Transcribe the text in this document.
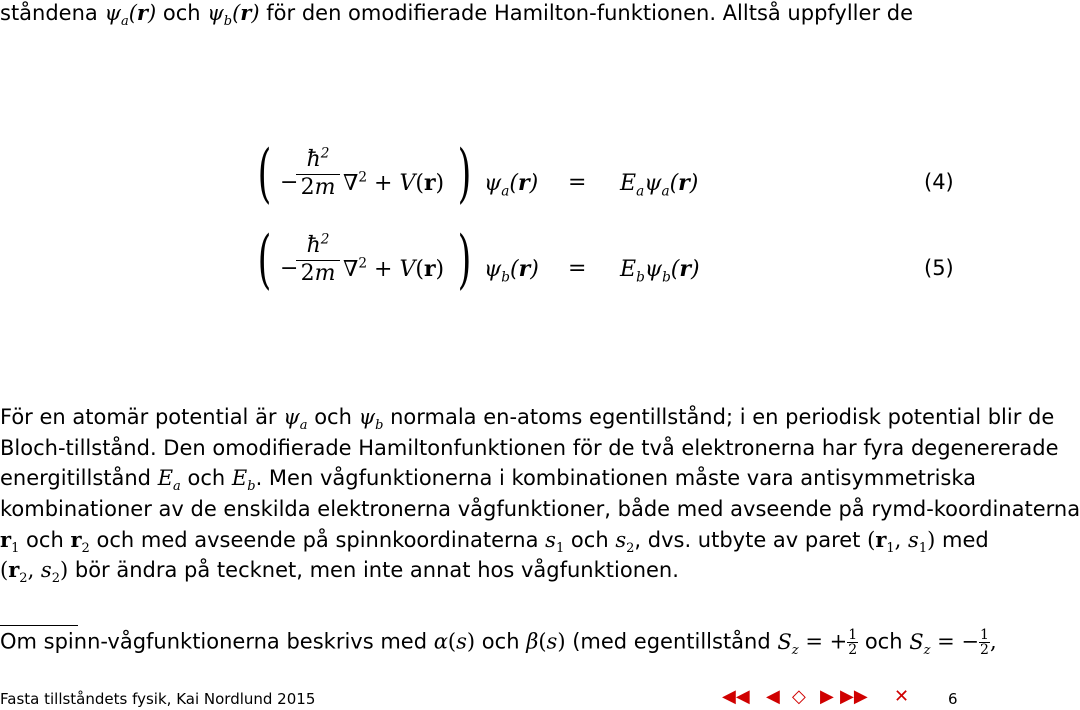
ståndena $\psi_a(r)$ och $\psi_b(r)$ för den omodifierade Hamilton-funktionen. Alltså uppfyller de
( −
$\frac{ħ^2}{2m} \nabla^2 + V(r)$ ) $\psi_a(r) = E_a\psi_a(r)$	(4)
( −
$\frac{ħ^2}{2m} \nabla^2 + V(r)$ ) $\psi_b(r) = E_b\psi_b(r)$	(5)
För en atomär potential är $\psi_a$ och $\psi_b$ normala en-atoms egentillstånd; i en periodisk potential blir de
Bloch-tillstånd. Den omodifierade Hamiltonfunktionen för de två elektronerna har fyra degenererade
energitillstånd $E_a$ och $E_b$. Men vågfunktionerna i kombinationen måste vara antisymmetriska
kombinationer av de enskilda elektronerna vågfunktioner, både med avseende på rymd-koordinaterna
$r_1$ och $r_2$ och med avseende på spinnkoordinaterna $s_1$ och $s_2$, dvs. utbyte av paret ($r_1$, $s_1$) med
($r_2$, $s_2$) bör ändra på tecknet, men inte annat hos vågfunktionen.
Om spinn-vågfunktionerna beskrivs med α(s) och β(s) (med egentillstånd $S_z$ = + $\frac{1}{2}$ och $S_z$ = − $\frac{1}{2}$ ,
Fasta tillståndets fysik, Kai Nordlund 2015	◀◀ ◀ ◇ ▶ ▶▶ ✕	6
